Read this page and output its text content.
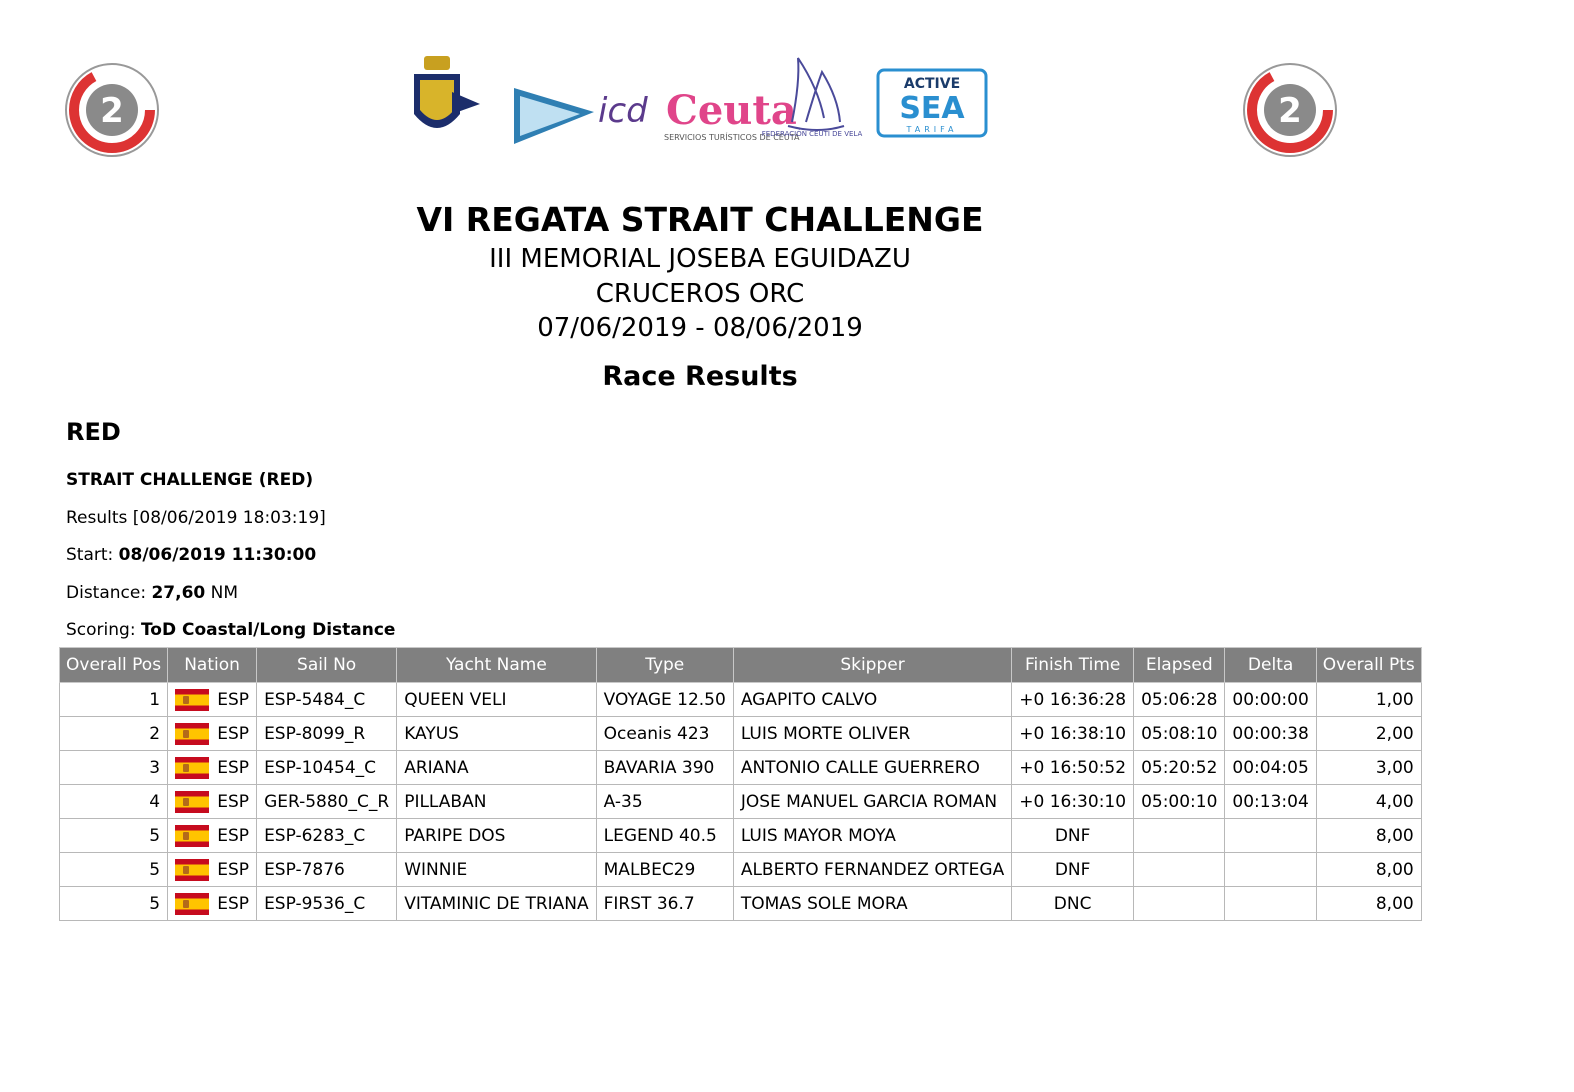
2	2
icd Ceuta
SERVICIOS TURÍSTICOS DE CEUTA
FEDERACIÓN CEUTÍ DE VELA
ACTIVE
SEA
TARIFA
VI REGATA STRAIT CHALLENGE
III MEMORIAL JOSEBA EGUIDAZU
CRUCEROS ORC
07/06/2019 - 08/06/2019
Race Results
RED
STRAIT CHALLENGE (RED)
Results [08/06/2019 18:03:19]
Start: 08/06/2019 11:30:00
Distance: 27,60 NM
Scoring: ToD Coastal/Long Distance
Overall Pos	Nation	Sail No	Yacht Name	Type	Skipper	Finish Time	Elapsed	Delta	Overall Pts
1	ESP	ESP-5484_C	QUEEN VELI	VOYAGE 12.50	AGAPITO CALVO	+0 16:36:28	05:06:28	00:00:00	1,00
2	ESP	ESP-8099_R	KAYUS	Oceanis 423	LUIS MORTE OLIVER	+0 16:38:10	05:08:10	00:00:38	2,00
3	ESP	ESP-10454_C	ARIANA	BAVARIA 390	ANTONIO CALLE GUERRERO	+0 16:50:52	05:20:52	00:04:05	3,00
4	ESP	GER-5880_C_R	PILLABAN	A-35	JOSE MANUEL GARCIA ROMAN	+0 16:30:10	05:00:10	00:13:04	4,00
5	ESP	ESP-6283_C	PARIPE DOS	LEGEND 40.5	LUIS MAYOR MOYA	DNF			8,00
5	ESP	ESP-7876	WINNIE	MALBEC29	ALBERTO FERNANDEZ ORTEGA	DNF			8,00
5	ESP	ESP-9536_C	VITAMINIC DE TRIANA	FIRST 36.7	TOMAS SOLE MORA	DNC			8,00
